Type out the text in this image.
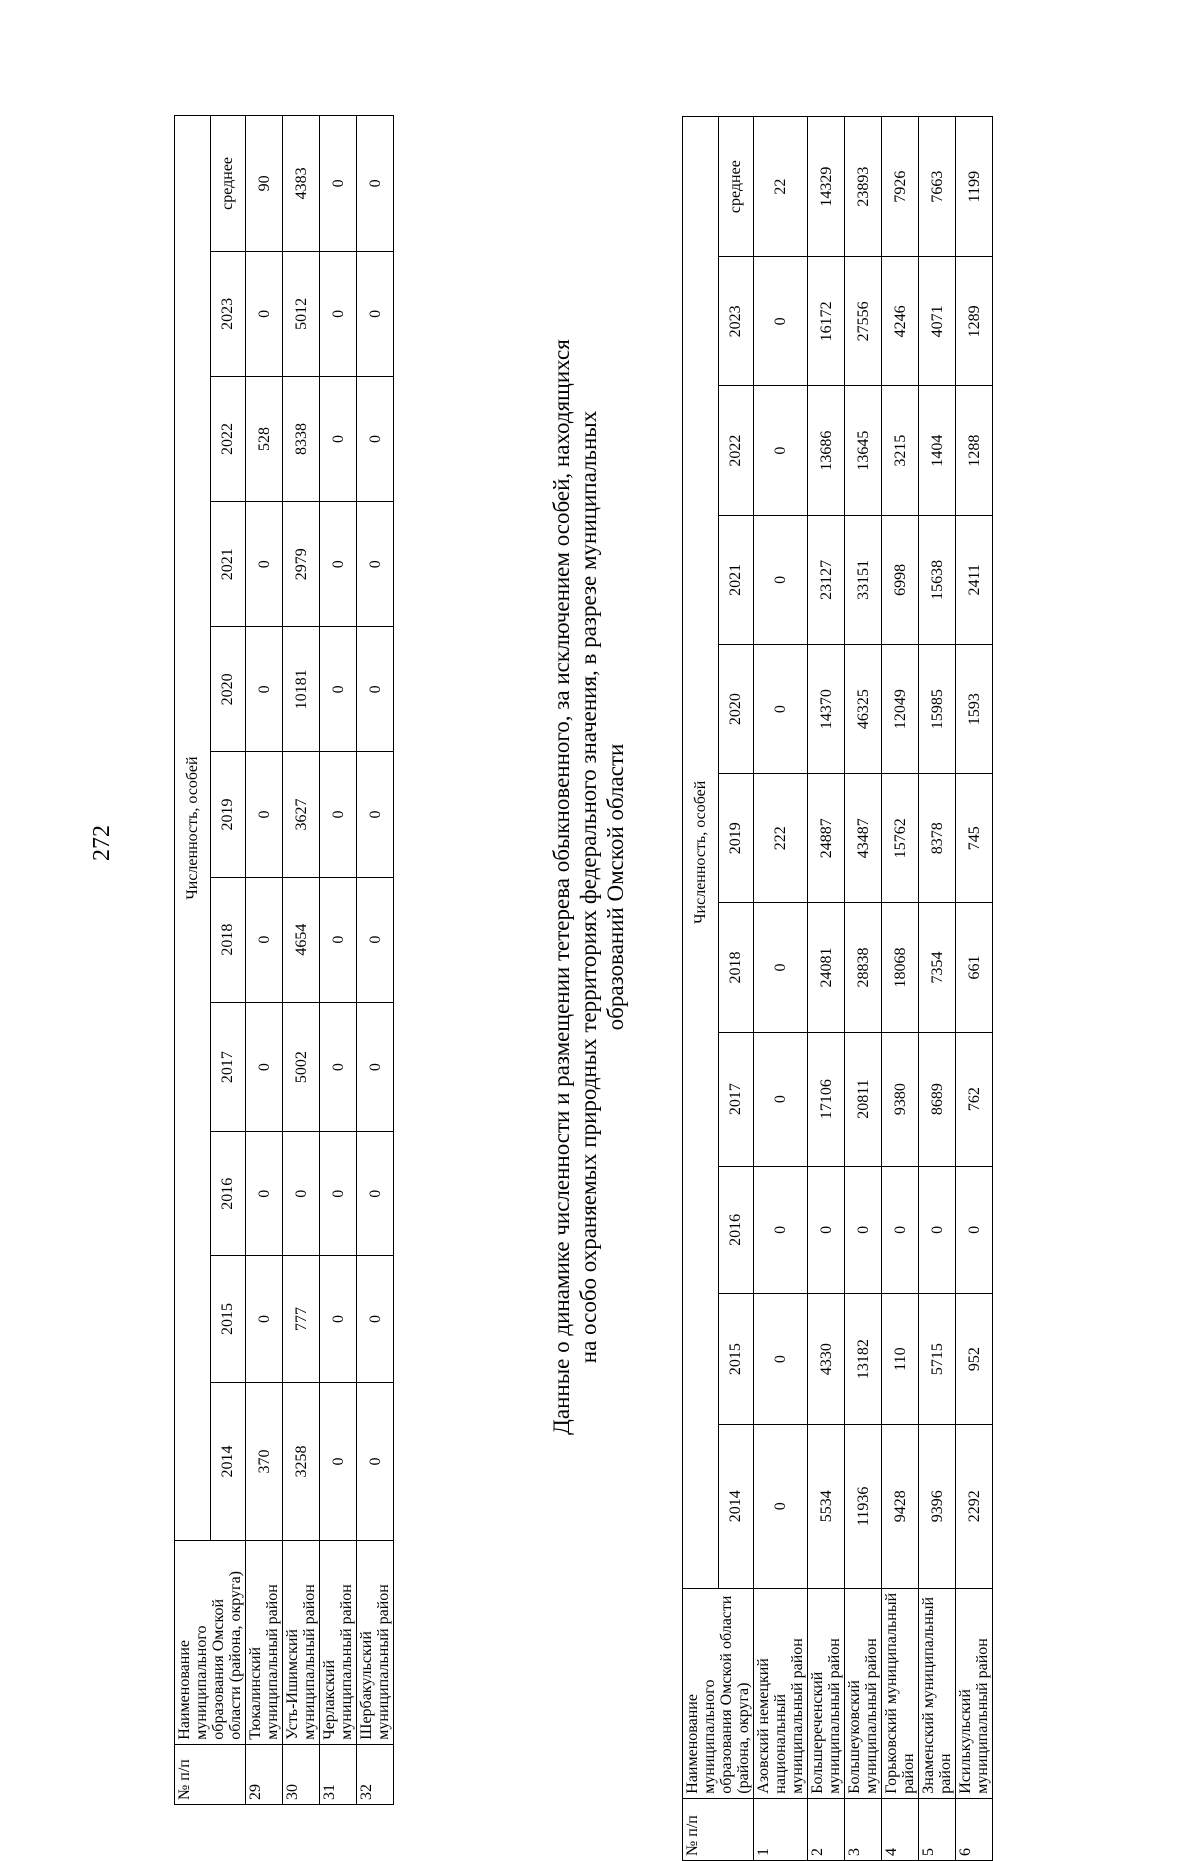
272
№ п/п	Наименование муниципального образования Омской области (района, округа)	Численность, особей										
		2014	2015	2016	2017	2018	2019	2020	2021	2022	2023	среднее
29	Тюкалинский муниципальный район	370	0	0	0	0	0	0	0	528	0	90
30	Усть-Ишимский муниципальный район	3258	777	0	5002	4654	3627	10181	2979	8338	5012	4383
31	Черлакский муниципальный район	0	0	0	0	0	0	0	0	0	0	0
32	Шербакульский муниципальный район	0	0	0	0	0	0	0	0	0	0	0

Данные о динамике численности и размещении тетерева обыкновенного, за исключением особей, находящихся на особо охраняемых природных территориях федерального значения, в разрезе муниципальных образований Омской области

№ п/п	Наименование муниципального образования Омской области (района, округа)	Численность, особей										
		2014	2015	2016	2017	2018	2019	2020	2021	2022	2023	среднее
1	Азовский немецкий национальный муниципальный район	0	0	0	0	0	222	0	0	0	0	22
2	Большереченский муниципальный район	5534	4330	0	17106	24081	24887	14370	23127	13686	16172	14329
3	Большеуковский муниципальный район	11936	13182	0	20811	28838	43487	46325	33151	13645	27556	23893
4	Горьковский муниципальный район	9428	110	0	9380	18068	15762	12049	6998	3215	4246	7926
5	Знаменский муниципальный район	9396	5715	0	8689	7354	8378	15985	15638	1404	4071	7663
6	Исилькульский муниципальный район	2292	952	0	762	661	745	1593	2411	1288	1289	1199
